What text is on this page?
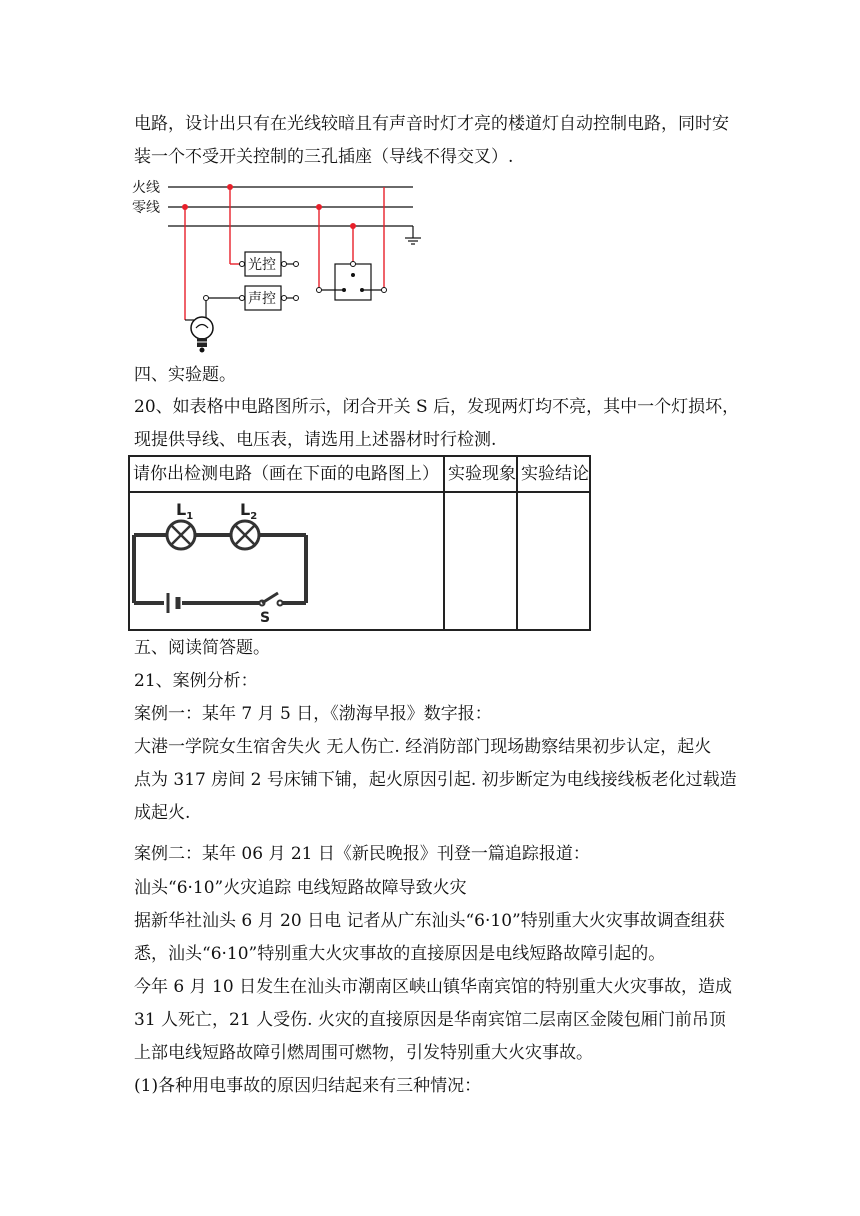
电路，设计出只有在光线较暗且有声音时灯才亮的楼道灯自动控制电路，同时安
装一个不受开关控制的三孔插座（导线不得交叉）.
火线
零线
光控
声控
四、实验题。
20、如表格中电路图所示，闭合开关 S 后，发现两灯均不亮，其中一个灯损坏，
现提供导线、电压表，请选用上述器材时行检测.
请你出检测电路（画在下面的电路图上）	实验现象	实验结论

$L_1$ $L_2$
S		

五、阅读简答题。
21、案例分析：
案例一：某年 7 月 5 日，《渤海早报》数字报：
大港一学院女生宿舍失火 无人伤亡. 经消防部门现场勘察结果初步认定，起火
点为 317 房间 2 号床铺下铺，起火原因引起. 初步断定为电线接线板老化过载造
成起火.
案例二：某年 06 月 21 日《新民晚报》刊登一篇追踪报道：
汕头“6·10”火灾追踪 电线短路故障导致火灾
据新华社汕头 6 月 20 日电 记者从广东汕头“6·10”特别重大火灾事故调查组获
悉，汕头“6·10”特别重大火灾事故的直接原因是电线短路故障引起的。
今年 6 月 10 日发生在汕头市潮南区峡山镇华南宾馆的特别重大火灾事故，造成
31 人死亡，21 人受伤. 火灾的直接原因是华南宾馆二层南区金陵包厢门前吊顶
上部电线短路故障引燃周围可燃物，引发特别重大火灾事故。
(1)各种用电事故的原因归结起来有三种情况：
